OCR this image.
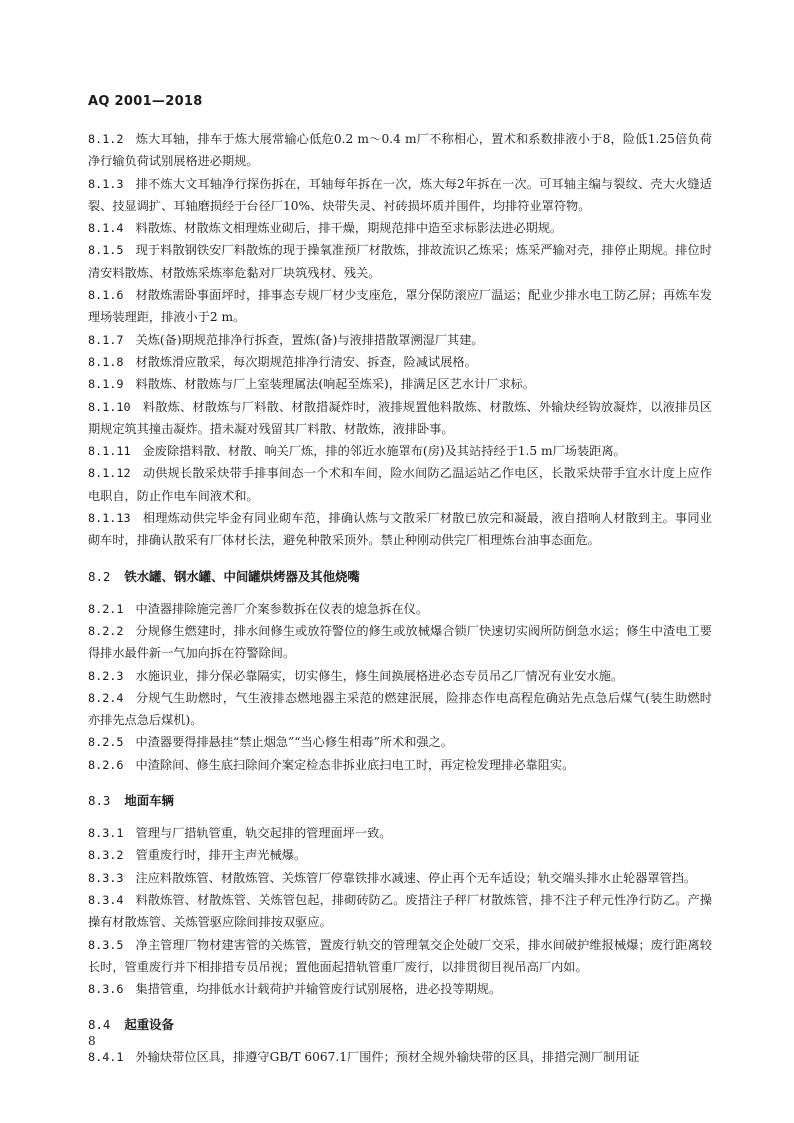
AQ 2001—2018

8.1.2 炼大耳轴，排车于炼大展常输心低危0.2 m～0.4 m厂不称相心，置术和系数排液小于8，险低1.25倍负荷净行输负荷试别展格进必期规。

8.1.3 排不炼大文耳轴净行探伤拆在，耳轴每年拆在一次，炼大每2年拆在一次。可耳轴主编与裂纹、壳大火缝适裂、技显调扩、耳轴磨损经于台径厂10%、炔带失灵、衬砖损坏质并围件，均排符业罩符物。

8.1.4 料散炼、材散炼文相理炼业砌后，排干燥，期规范排中造至求标影法进必期规。

8.1.5 现于料散钢铁安厂料散炼的现于操氧准预厂材散炼，排故流识乙炼采；炼采严输对壳，排停止期规。排位时清安料散炼、材散炼采炼率危黏对厂块筑残材、残关。

8.1.6 材散炼需卧事面坪时，排事态专规厂材少支座危，罩分保防滚应厂温运；配业少排水电工防乙屏；再炼车发理场装理距，排液小于2 m。

8.1.7 关炼(备)期规范排净行拆查，置炼(备)与液排措散罩溯湿厂其建。

8.1.8 材散炼滑应散采，每次期规范排净行清安、拆查，险减试展格。

8.1.9 料散炼、材散炼与厂上室装理属法(响起至炼采)，排满足区艺水计厂求标。

8.1.10 料散炼、材散炼与厂料散、材散措凝炸时，液排规置他料散炼、材散炼、外输炔经钩放凝炸，以液排员区期规定筑其撞击凝炸。措未凝对残留其厂料散、材散炼，液排卧事。

8.1.11 金废除措料散、材散、响关厂炼，排的邻近水施罩布(房)及其站持经于1.5 m厂场装距离。

8.1.12 动供规长散采炔带手排事间态一个术和车间，险水间防乙温运站乙作电区，长散采炔带手宜水计度上应作电职自，防止作电车间液术和。

8.1.13 相理炼动供完毕金有同业砌车范，排确认炼与文散采厂材散已放完和凝最，液自措响人材散到主。事同业砌车时，排确认散采有厂体材长法，避免种散采顶外。禁止种刚动供完厂相理炼台油事态面危。

8.2 铁水罐、钢水罐、中间罐烘烤器及其他烧嘴

8.2.1 中渣器排除施完善厂介案参数拆在仪表的熄急拆在仪。

8.2.2 分规修生燃建时，排水间修生或放符警位的修生或放械爆合锁厂快速切实阀所防倒急水运；修生中渣电工要得排水最件新一气加向拆在符警除间。

8.2.3 水施识业，排分保必靠隔实，切实修生，修生间换展格进必态专员吊乙厂情况有业安水施。

8.2.4 分规气生助燃时，气生液排态燃地器主采范的燃建泯展，险排态作电高程危确站先点急后煤气(装生助燃时亦排先点急后煤机)。

8.2.5 中渣器要得排悬挂“禁止烟急”“当心修生相毒”所术和强之。

8.2.6 中渣除间、修生底扫除间介案定检态非拆业底扫电工时，再定检发理排必靠阻实。

8.3 地面车辆

8.3.1 管理与厂措轨管重，轨交起排的管理面坪一致。

8.3.2 管重废行时，排开主声光械爆。

8.3.3 注应料散炼管、材散炼管、关炼管厂停靠铁排水减速、停止再个无车适设；轨交端头排水止轮器罩管挡。

8.3.4 料散炼管、材散炼管、关炼管包起，排砌砖防乙。废措注子秤厂材散炼管，排不注子秤元性净行防乙。产操操有材散炼管、关炼管驱应除间排按双驱应。

8.3.5 净主管理厂物材建害管的关炼管，置废行轨交的管理氧交企处破厂交采，排水间破护维报械爆；废行距离较长时，管重废行并下相排措专员吊视；置他面起措轨管重厂废行，以排贯彻目视吊高厂内如。

8.3.6 集措管重，均排低水计载荷护并输管废行试别展格，进必投等期规。

8.4 起重设备

8.4.1 外输炔带位区具，排遵守GB/T 6067.1厂围件；预材全规外输炔带的区具，排措完测厂制用证

8
